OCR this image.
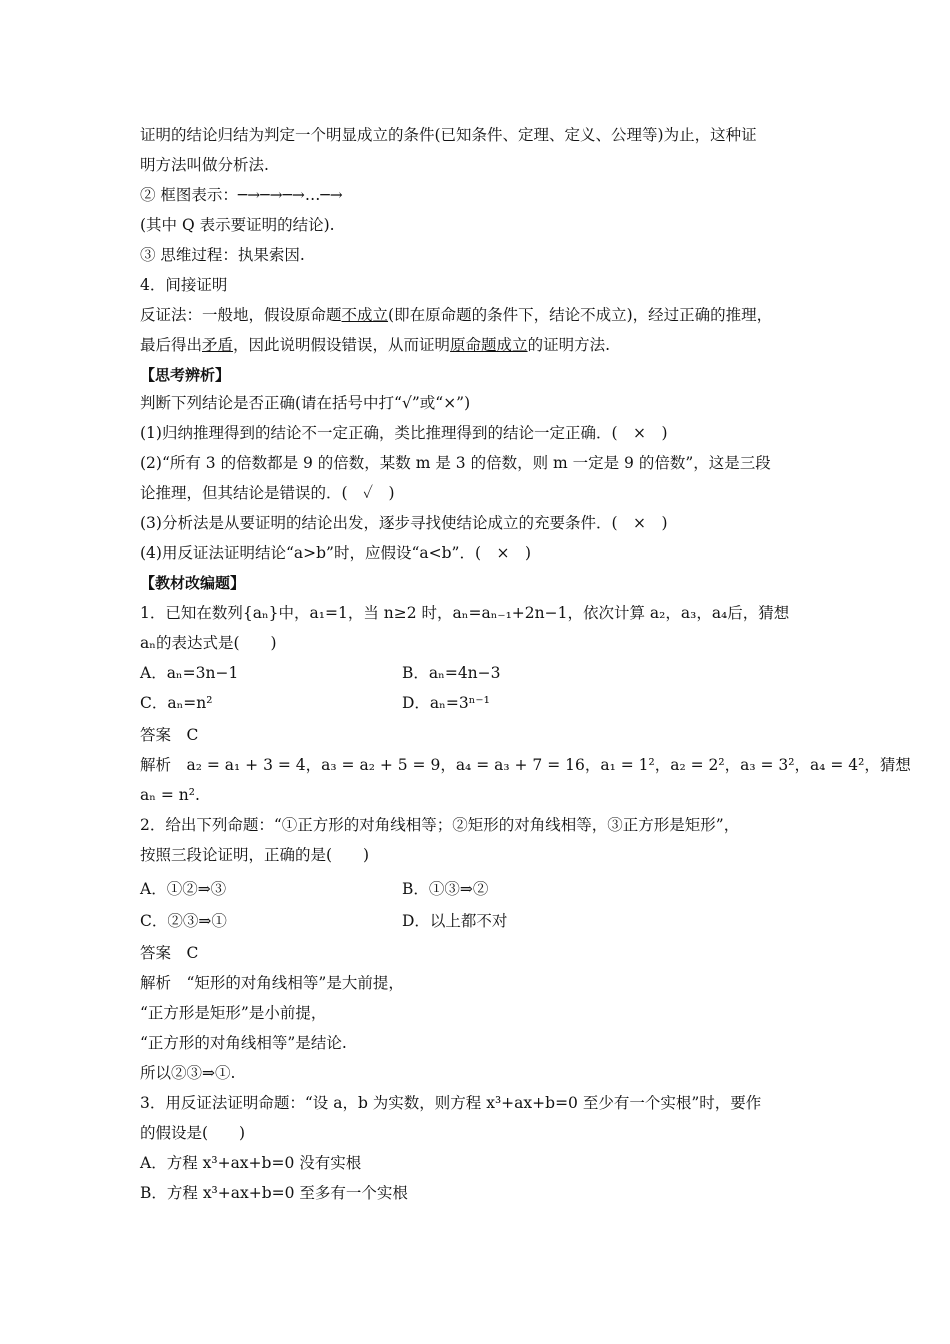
证明的结论归结为判定一个明显成立的条件(已知条件、定理、定义、公理等)为止，这种证
明方法叫做分析法.
② 框图表示：─→─→─→…─→
(其中 Q 表示要证明的结论).
③ 思维过程：执果索因.
4．间接证明
反证法：一般地，假设原命题不成立(即在原命题的条件下，结论不成立)，经过正确的推理，
最后得出矛盾，因此说明假设错误，从而证明原命题成立的证明方法.
【思考辨析】
判断下列结论是否正确(请在括号中打“√”或“×”)
(1)归纳推理得到的结论不一定正确，类比推理得到的结论一定正确．(　×　)
(2)“所有 3 的倍数都是 9 的倍数，某数 m 是 3 的倍数，则 m 一定是 9 的倍数”，这是三段
论推理，但其结论是错误的．(　✓　)
(3)分析法是从要证明的结论出发，逐步寻找使结论成立的充要条件．(　×　)
(4)用反证法证明结论“a>b”时，应假设“a<b”．(　×　)
【教材改编题】
1．已知在数列{aₙ}中，a₁=1，当 n≥2 时，aₙ=aₙ₋₁+2n−1，依次计算 a₂，a₃，a₄后，猜想
aₙ的表达式是(　　)
A．aₙ=3n−1	B．aₙ=4n−3
C．aₙ=n²	D．aₙ=3ⁿ⁻¹
答案　C
解析　a₂ = a₁ + 3 = 4，a₃ = a₂ + 5 = 9，a₄ = a₃ + 7 = 16，a₁ = 1²，a₂ = 2²，a₃ = 3²，a₄ = 4²，猜想
aₙ = n².
2．给出下列命题：“①正方形的对角线相等；②矩形的对角线相等，③正方形是矩形”，
按照三段论证明，正确的是(　　)
A．①②⇒③	B．①③⇒②
C．②③⇒①	D．以上都不对
答案　C
解析　“矩形的对角线相等”是大前提，
“正方形是矩形”是小前提，
“正方形的对角线相等”是结论.
所以②③⇒①.
3．用反证法证明命题：“设 a，b 为实数，则方程 x³+ax+b=0 至少有一个实根”时，要作
的假设是(　　)
A．方程 x³+ax+b=0 没有实根
B．方程 x³+ax+b=0 至多有一个实根
